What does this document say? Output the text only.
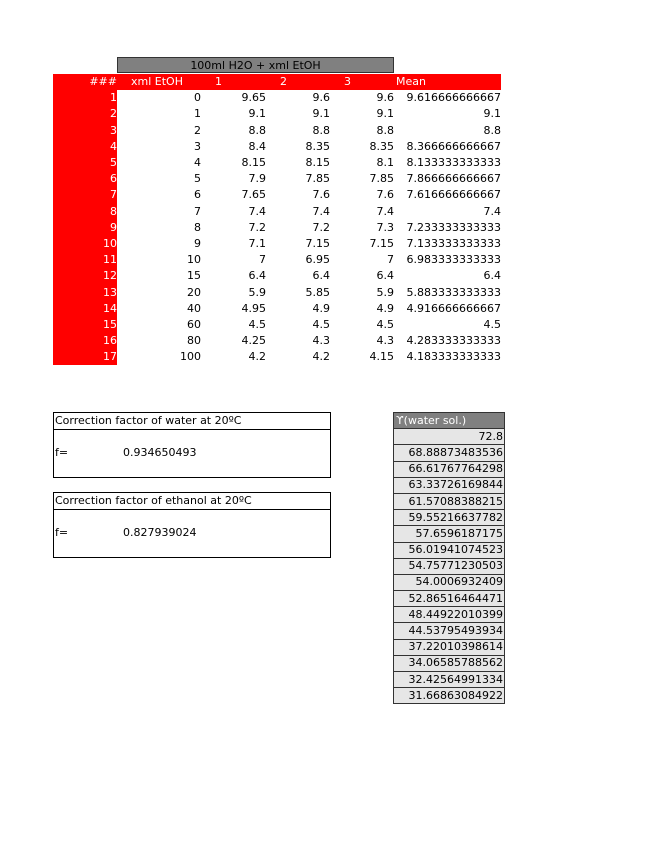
100ml H2O + xml EtOH
###	xml EtOH	1	2	3	Mean
1	0	9.65	9.6	9.6	9.616666666667
2	1	9.1	9.1	9.1	9.1
3	2	8.8	8.8	8.8	8.8
4	3	8.4	8.35	8.35	8.366666666667
5	4	8.15	8.15	8.1	8.133333333333
6	5	7.9	7.85	7.85	7.866666666667
7	6	7.65	7.6	7.6	7.616666666667
8	7	7.4	7.4	7.4	7.4
9	8	7.2	7.2	7.3	7.233333333333
10	9	7.1	7.15	7.15	7.133333333333
11	10	7	6.95	7	6.983333333333
12	15	6.4	6.4	6.4	6.4
13	20	5.9	5.85	5.9	5.883333333333
14	40	4.95	4.9	4.9	4.916666666667
15	60	4.5	4.5	4.5	4.5
16	80	4.25	4.3	4.3	4.283333333333
17	100	4.2	4.2	4.15	4.183333333333
Correction factor of water at 20ºC
f=	0.934650493
Correction factor of ethanol at 20ºC
f=	0.827939024
ϒ(water sol.)
72.8
68.88873483536
66.61767764298
63.33726169844
61.57088388215
59.55216637782
57.6596187175
56.01941074523
54.75771230503
54.0006932409
52.86516464471
48.44922010399
44.53795493934
37.22010398614
34.06585788562
32.42564991334
31.66863084922
